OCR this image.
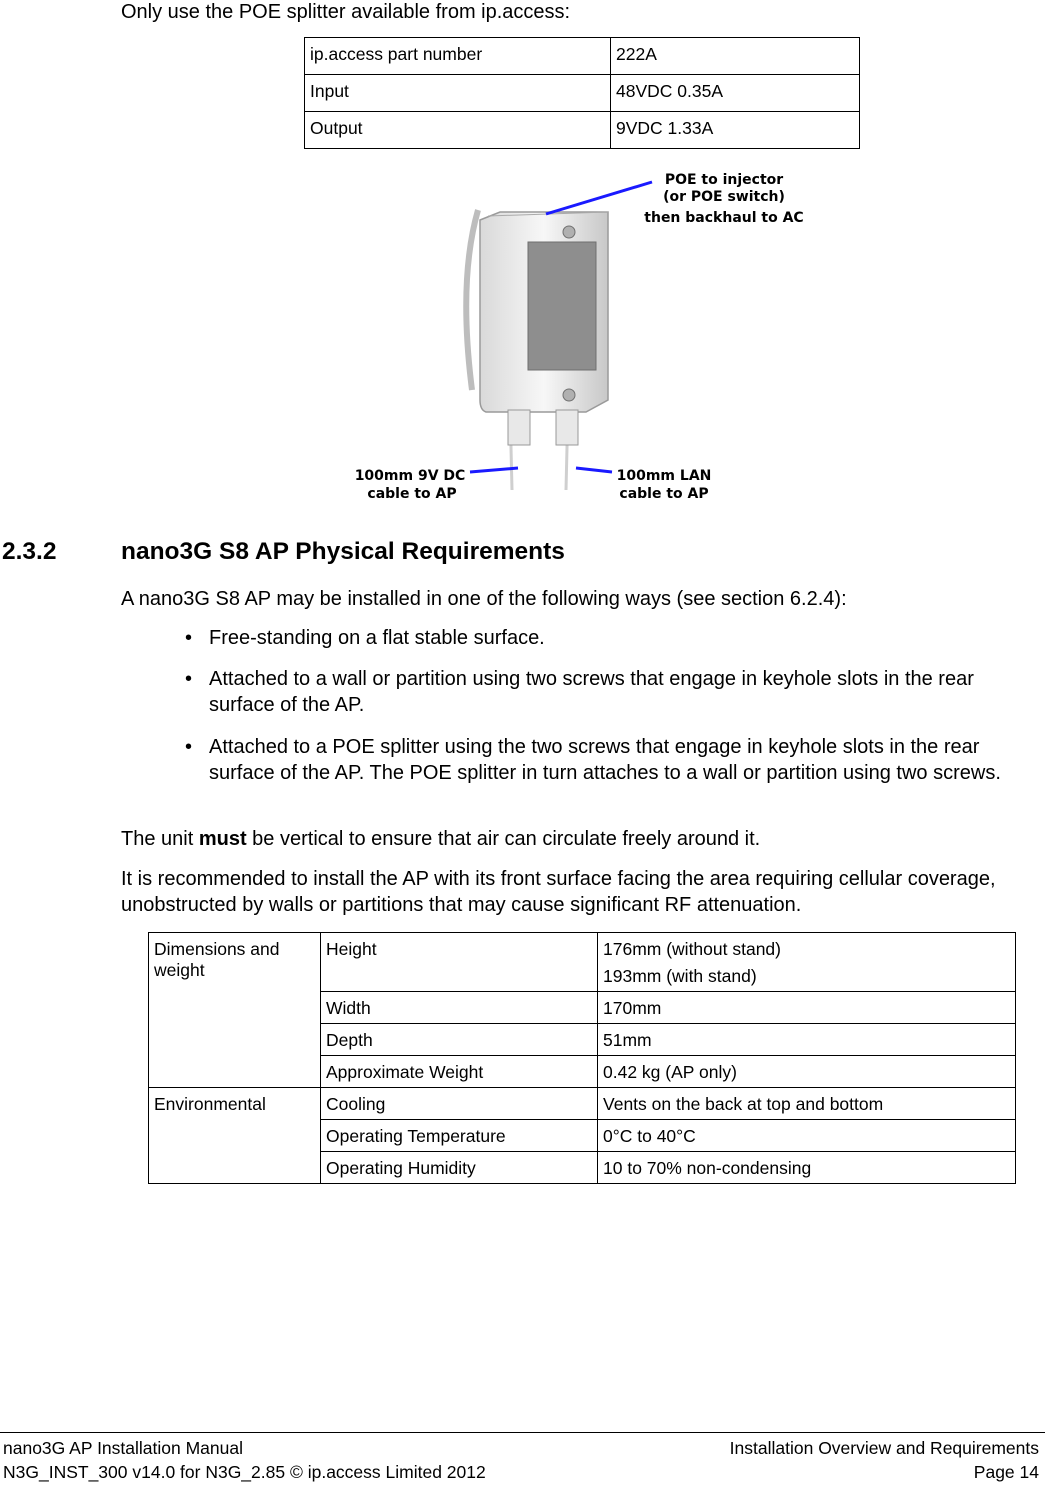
Only use the POE splitter available from ip.access:
ip.access part number	222A

Input	48VDC 0.35A

Output	9VDC 1.33A
POE to injector
(or POE switch)
then backhaul to AC
100mm 9V DC
cable to AP
100mm LAN
cable to AP
2.3.2	nano3G S8 AP Physical Requirements
A nano3G S8 AP may be installed in one of the following ways (see section 6.2.4):
• Free-standing on a flat stable surface.
• Attached to a wall or partition using two screws that engage in keyhole slots in the rear surface of the AP.
• Attached to a POE splitter using the two screws that engage in keyhole slots in the rear surface of the AP. The POE splitter in turn attaches to a wall or partition using two screws.
The unit must be vertical to ensure that air can circulate freely around it.
It is recommended to install the AP with its front surface facing the area requiring cellular coverage, unobstructed by walls or partitions that may cause significant RF attenuation.
Dimensions and weight	Height	176mm (without stand)
193mm (with stand)

	Width	170mm

	Depth	51mm

	Approximate Weight	0.42 kg (AP only)

Environmental	Cooling	Vents on the back at top and bottom

	Operating Temperature	0°C to 40°C

	Operating Humidity	10 to 70% non-condensing
nano3G AP Installation Manual
N3G_INST_300 v14.0 for N3G_2.85 © ip.access Limited 2012
Installation Overview and Requirements
Page 14
